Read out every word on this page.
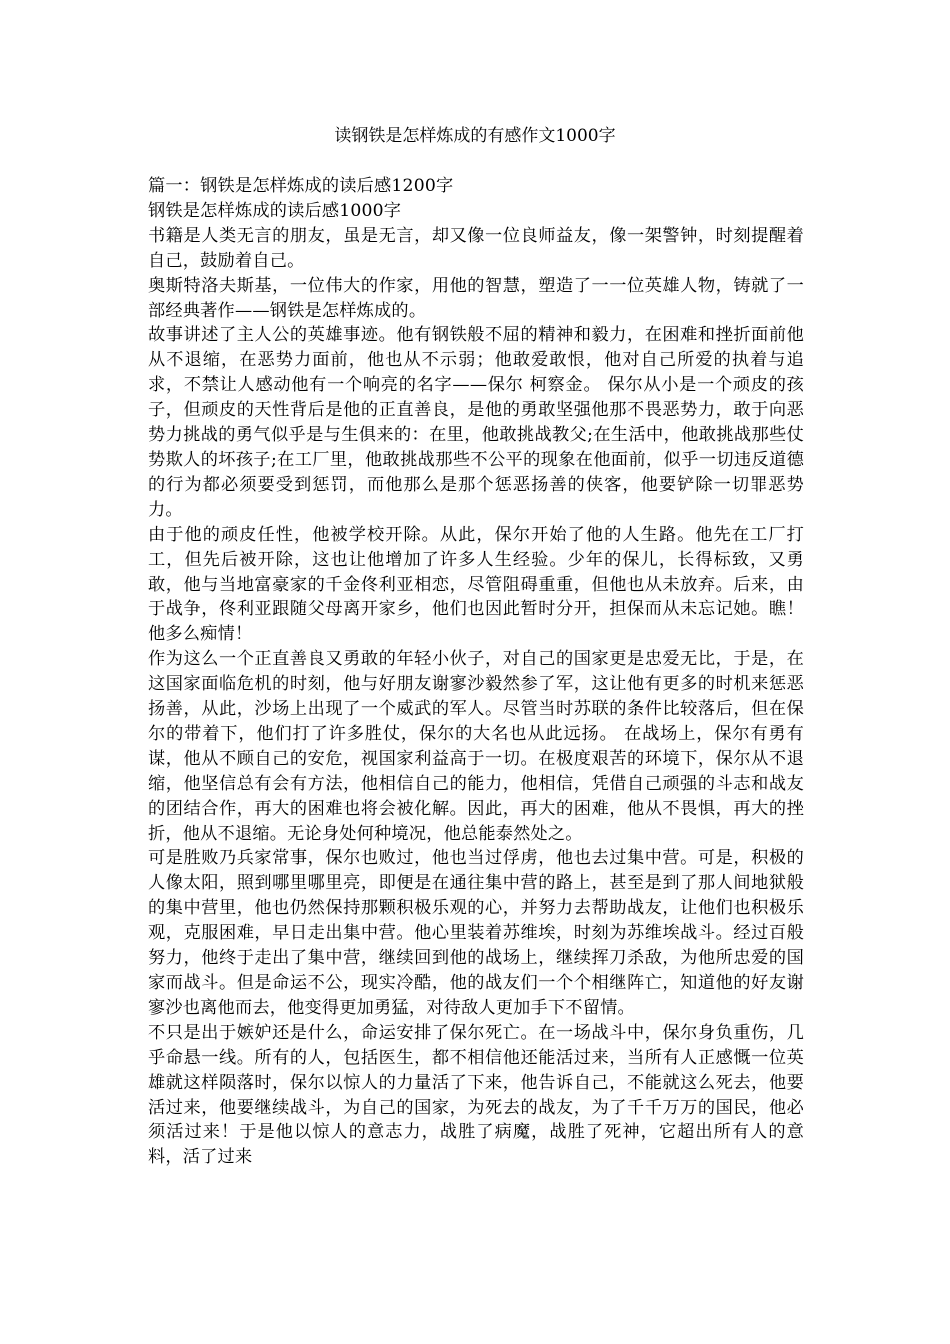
读钢铁是怎样炼成的有感作文1000字

篇一：钢铁是怎样炼成的读后感1200字

钢铁是怎样炼成的读后感1000字

书籍是人类无言的朋友，虽是无言，却又像一位良师益友，像一架警钟，时刻提醒着自己，鼓励着自己。

奥斯特洛夫斯基，一位伟大的作家，用他的智慧，塑造了一一位英雄人物，铸就了一部经典著作——钢铁是怎样炼成的。

故事讲述了主人公的英雄事迹。他有钢铁般不屈的精神和毅力，在困难和挫折面前他从不退缩，在恶势力面前，他也从不示弱；他敢爱敢恨，他对自己所爱的执着与追求，不禁让人感动他有一个响亮的名字——保尔 柯察金。 保尔从小是一个顽皮的孩子，但顽皮的天性背后是他的正直善良，是他的勇敢坚强他那不畏恶势力，敢于向恶势力挑战的勇气似乎是与生俱来的：在里，他敢挑战教父;在生活中，他敢挑战那些仗势欺人的坏孩子;在工厂里，他敢挑战那些不公平的现象在他面前，似乎一切违反道德的行为都必须要受到惩罚，而他那么是那个惩恶扬善的侠客，他要铲除一切罪恶势力。

由于他的顽皮任性，他被学校开除。从此，保尔开始了他的人生路。他先在工厂打工，但先后被开除，这也让他增加了许多人生经验。少年的保儿，长得标致，又勇敢，他与当地富豪家的千金佟利亚相恋，尽管阻碍重重，但他也从未放弃。后来，由于战争，佟利亚跟随父母离开家乡，他们也因此暂时分开，担保而从未忘记她。瞧！他多么痴情！

作为这么一个正直善良又勇敢的年轻小伙子，对自己的国家更是忠爱无比，于是，在这国家面临危机的时刻，他与好朋友谢寥沙毅然参了军，这让他有更多的时机来惩恶扬善，从此，沙场上出现了一个威武的军人。尽管当时苏联的条件比较落后，但在保尔的带着下，他们打了许多胜仗，保尔的大名也从此远扬。 在战场上，保尔有勇有谋，他从不顾自己的安危，视国家利益高于一切。在极度艰苦的环境下，保尔从不退缩，他坚信总有会有方法，他相信自己的能力，他相信，凭借自己顽强的斗志和战友的团结合作，再大的困难也将会被化解。因此，再大的困难，他从不畏惧，再大的挫折，他从不退缩。无论身处何种境况，他总能泰然处之。

可是胜败乃兵家常事，保尔也败过，他也当过俘虏，他也去过集中营。可是，积极的人像太阳，照到哪里哪里亮，即便是在通往集中营的路上，甚至是到了那人间地狱般的集中营里，他也仍然保持那颗积极乐观的心，并努力去帮助战友，让他们也积极乐观，克服困难，早日走出集中营。他心里装着苏维埃，时刻为苏维埃战斗。经过百般努力，他终于走出了集中营，继续回到他的战场上，继续挥刀杀敌，为他所忠爱的国家而战斗。但是命运不公，现实冷酷，他的战友们一个个相继阵亡，知道他的好友谢寥沙也离他而去，他变得更加勇猛，对待敌人更加手下不留情。

不只是出于嫉妒还是什么，命运安排了保尔死亡。在一场战斗中，保尔身负重伤，几乎命悬一线。所有的人，包括医生，都不相信他还能活过来，当所有人正感慨一位英雄就这样陨落时，保尔以惊人的力量活了下来，他告诉自己，不能就这么死去，他要活过来，他要继续战斗，为自己的国家，为死去的战友，为了千千万万的国民，他必须活过来！于是他以惊人的意志力，战胜了病魔，战胜了死神，它超出所有人的意料，活了过来
